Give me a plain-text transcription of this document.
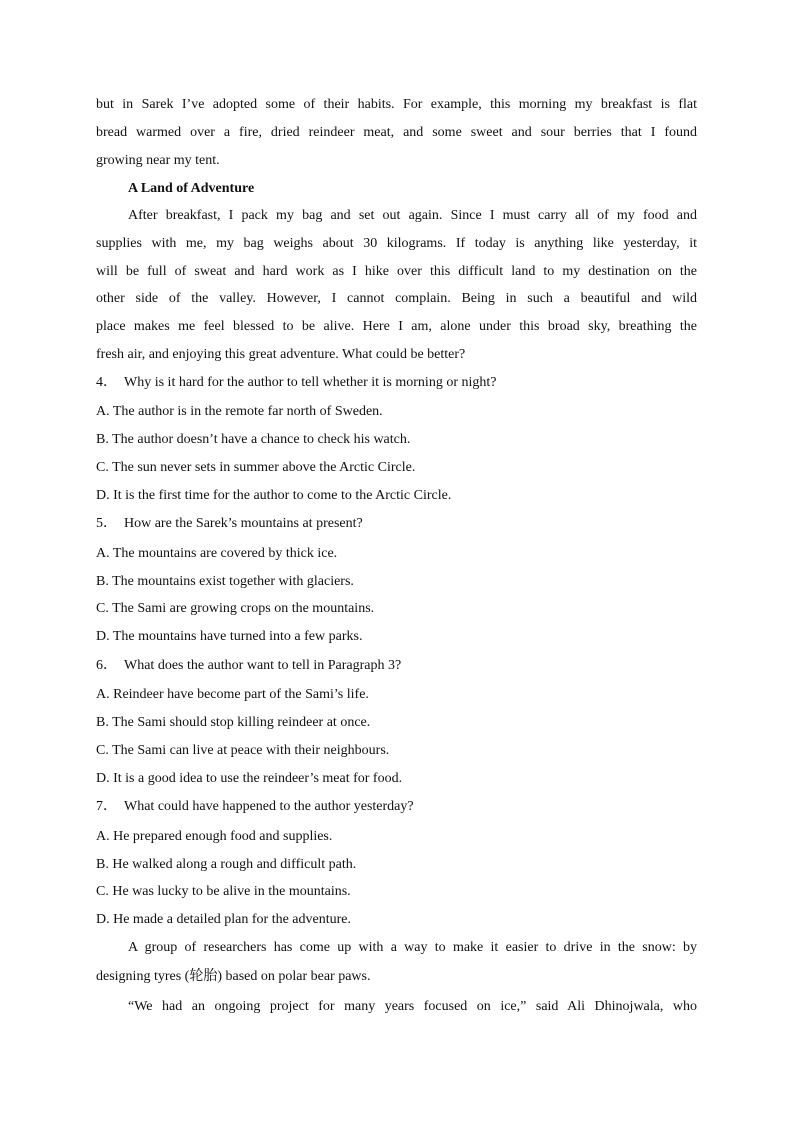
but in Sarek I’ve adopted some of their habits. For example, this morning my breakfast is flat
bread warmed over a fire, dried reindeer meat, and some sweet and sour berries that I found
growing near my tent.
A Land of Adventure
After breakfast, I pack my bag and set out again. Since I must carry all of my food and
supplies with me, my bag weighs about 30 kilograms. If today is anything like yesterday, it
will be full of sweat and hard work as I hike over this difficult land to my destination on the
other side of the valley. However, I cannot complain. Being in such a beautiful and wild
place makes me feel blessed to be alive. Here I am, alone under this broad sky, breathing the
fresh air, and enjoying this great adventure. What could be better?
4． Why is it hard for the author to tell whether it is morning or night?
A. The author is in the remote far north of Sweden.
B. The author doesn’t have a chance to check his watch.
C. The sun never sets in summer above the Arctic Circle.
D. It is the first time for the author to come to the Arctic Circle.
5． How are the Sarek’s mountains at present?
A. The mountains are covered by thick ice.
B. The mountains exist together with glaciers.
C. The Sami are growing crops on the mountains.
D. The mountains have turned into a few parks.
6． What does the author want to tell in Paragraph 3?
A. Reindeer have become part of the Sami’s life.
B. The Sami should stop killing reindeer at once.
C. The Sami can live at peace with their neighbours.
D. It is a good idea to use the reindeer’s meat for food.
7． What could have happened to the author yesterday?
A. He prepared enough food and supplies.
B. He walked along a rough and difficult path.
C. He was lucky to be alive in the mountains.
D. He made a detailed plan for the adventure.
A group of researchers has come up with a way to make it easier to drive in the snow: by
designing tyres (轮胎) based on polar bear paws.
“We had an ongoing project for many years focused on ice,” said Ali Dhinojwala, who
